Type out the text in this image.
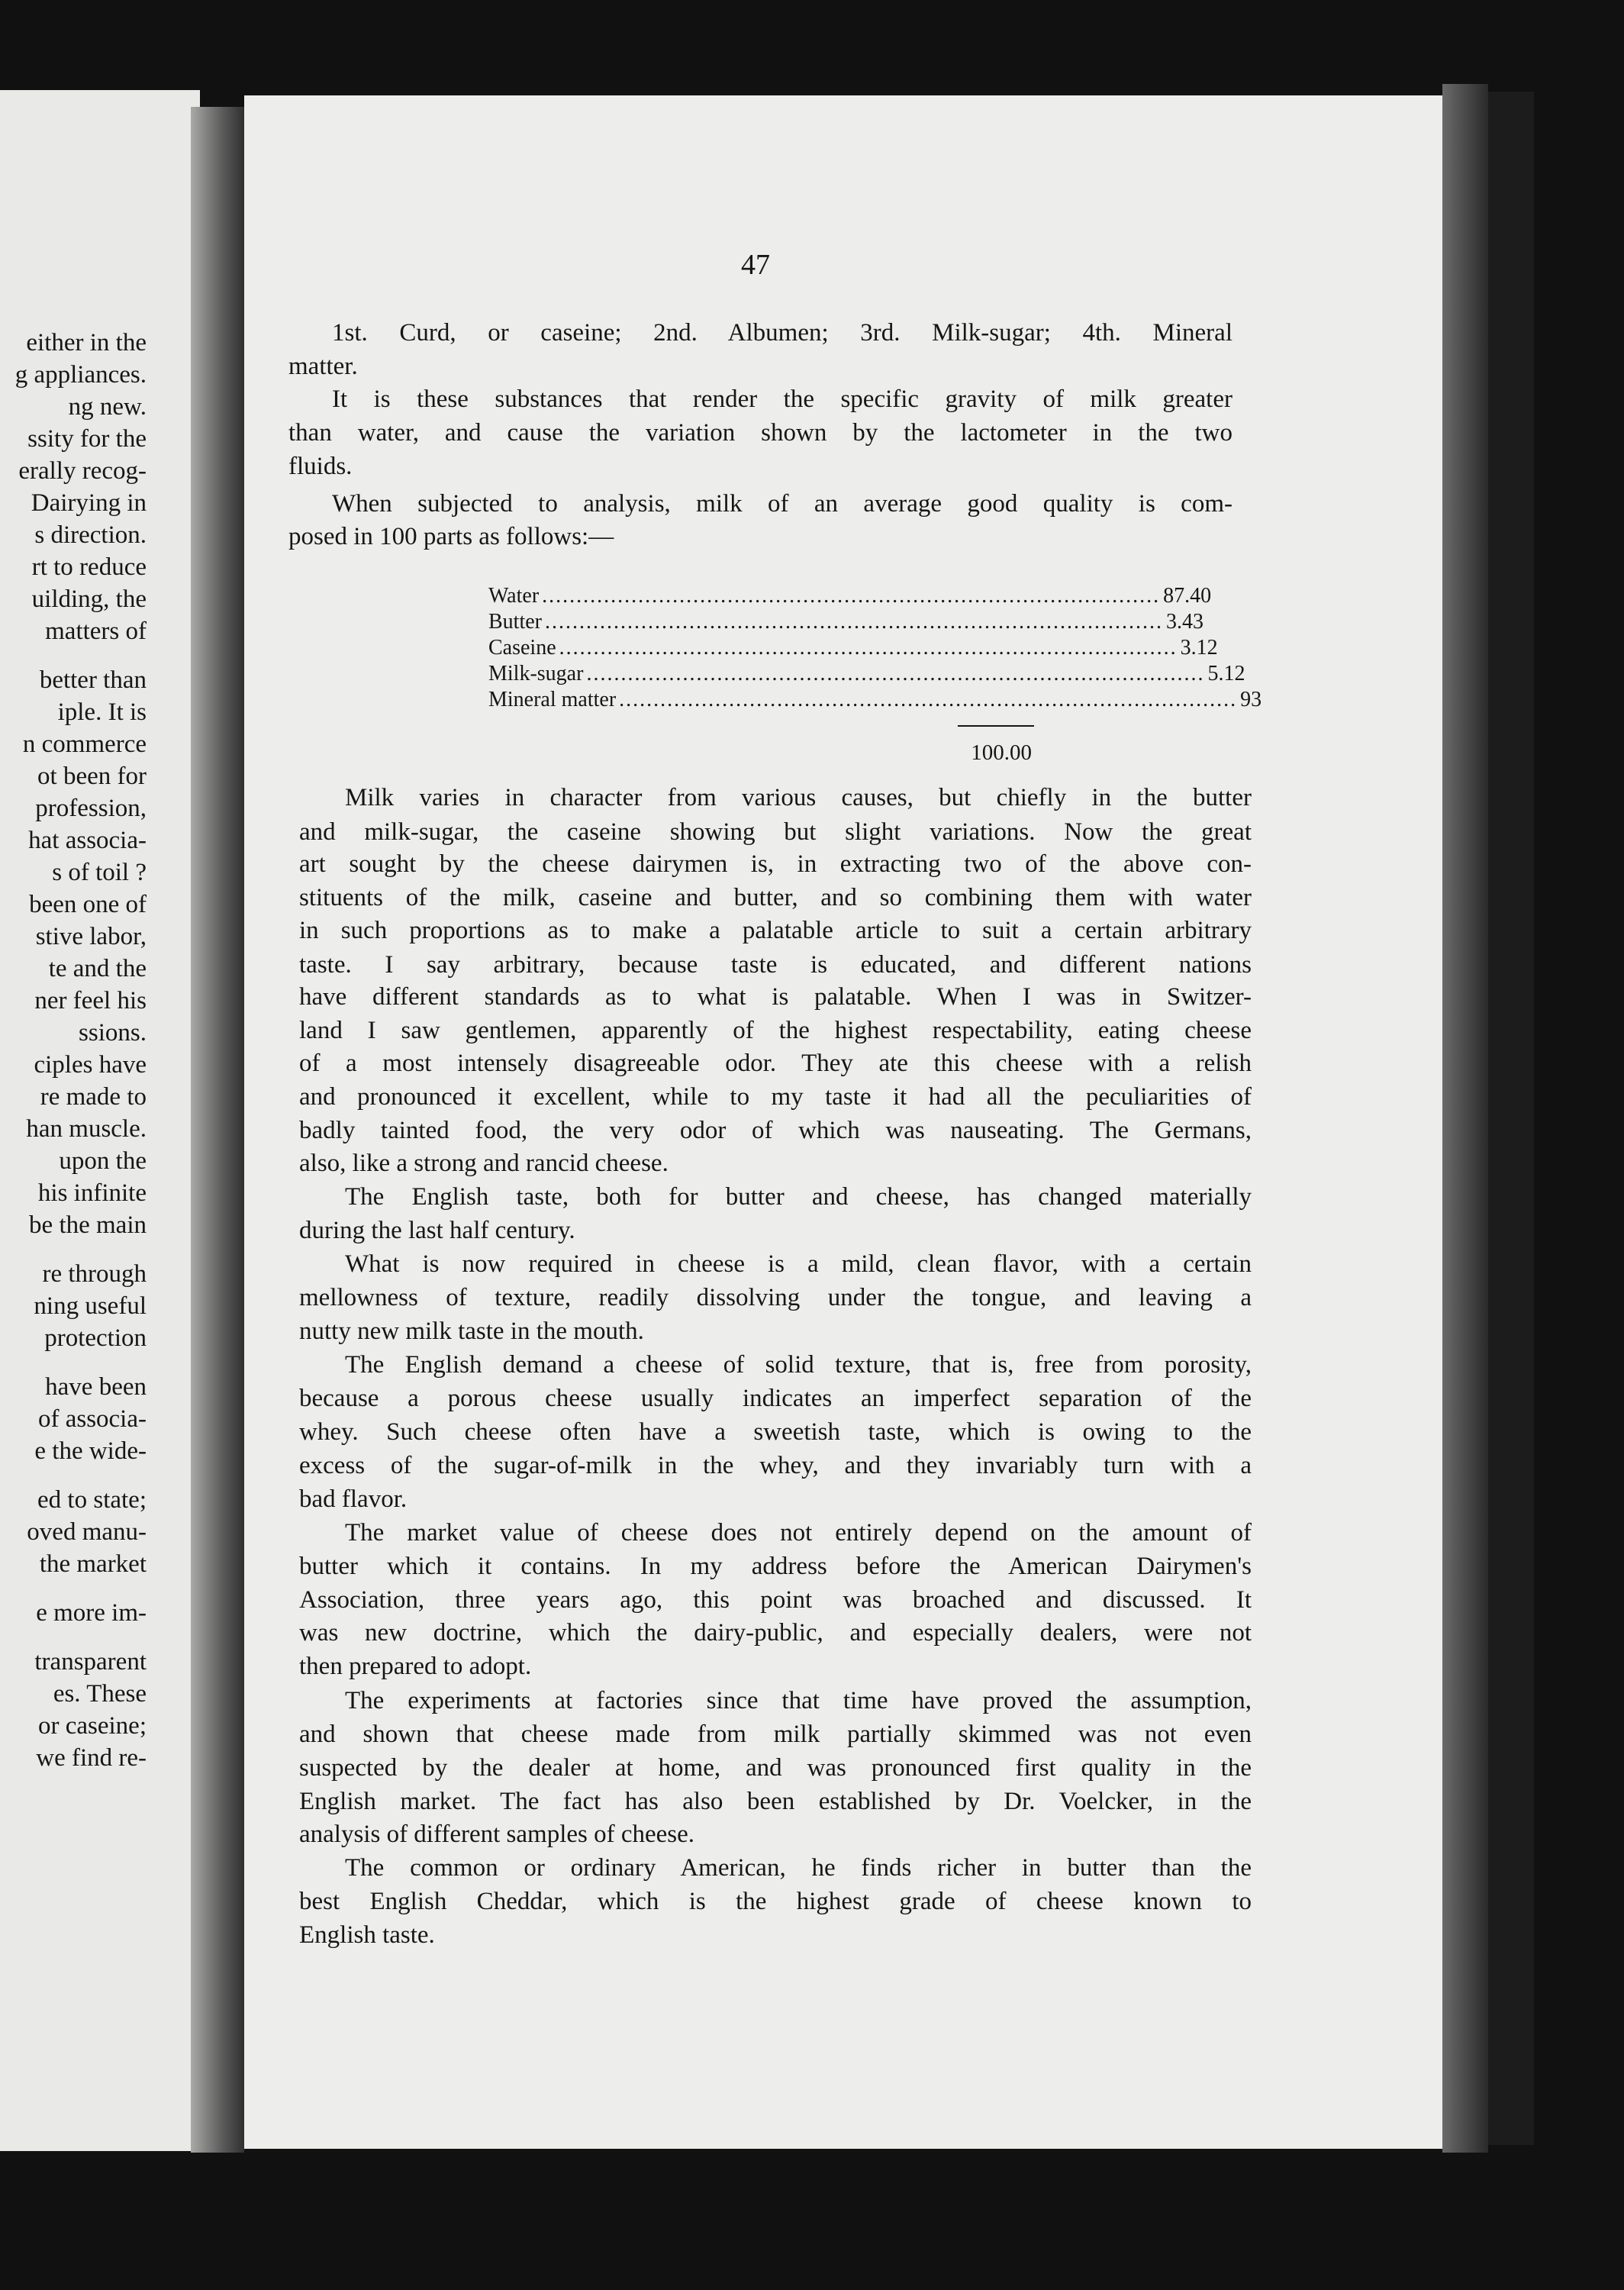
either in the
g appliances.
ng new.
ssity for the
erally recog-
Dairying in
s direction.
rt to reduce
uilding, the
matters of
better than
iple. It is
n commerce
ot been for
profession,
hat associa-
s of toil ?
been one of
stive labor,
te and the
ner feel his
ssions.
ciples have
re made to
han muscle.
upon the
his infinite
be the main
re through
ning useful
protection
have been
of associa-
e the wide-
ed to state;
oved manu-
the market
e more im-
transparent
es. These
or caseine;
we find re-
47
1st. Curd, or caseine; 2nd. Albumen; 3rd. Milk-sugar; 4th. Mineral
matter.
It is these substances that render the specific gravity of milk greater
than water, and cause the variation shown by the lactometer in the two
fluids.
When subjected to analysis, milk of an average good quality is com-
posed in 100 parts as follows:—
Milk varies in character from various causes, but chiefly in the butter
and milk-sugar, the caseine showing but slight variations. Now the great
art sought by the cheese dairymen is, in extracting two of the above con-
stituents of the milk, caseine and butter, and so combining them with water
in such proportions as to make a palatable article to suit a certain arbitrary
taste. I say arbitrary, because taste is educated, and different nations
have different standards as to what is palatable. When I was in Switzer-
land I saw gentlemen, apparently of the highest respectability, eating cheese
of a most intensely disagreeable odor. They ate this cheese with a relish
and pronounced it excellent, while to my taste it had all the peculiarities of
badly tainted food, the very odor of which was nauseating. The Germans,
also, like a strong and rancid cheese.
The English taste, both for butter and cheese, has changed materially
during the last half century.
What is now required in cheese is a mild, clean flavor, with a certain
mellowness of texture, readily dissolving under the tongue, and leaving a
nutty new milk taste in the mouth.
The English demand a cheese of solid texture, that is, free from porosity,
because a porous cheese usually indicates an imperfect separation of the
whey. Such cheese often have a sweetish taste, which is owing to the
excess of the sugar-of-milk in the whey, and they invariably turn with a
bad flavor.
The market value of cheese does not entirely depend on the amount of
butter which it contains. In my address before the American Dairymen's
Association, three years ago, this point was broached and discussed. It
was new doctrine, which the dairy-public, and especially dealers, were not
then prepared to adopt.
The experiments at factories since that time have proved the assumption,
and shown that cheese made from milk partially skimmed was not even
suspected by the dealer at home, and was pronounced first quality in the
English market. The fact has also been established by Dr. Voelcker, in the
analysis of different samples of cheese.
The common or ordinary American, he finds richer in butter than the
best English Cheddar, which is the highest grade of cheese known to
English taste.
Water .......................................................................................... 87.40
Butter .......................................................................................... 3.43
Caseine .......................................................................................... 3.12
Milk-sugar .......................................................................................... 5.12
Mineral matter .......................................................................................... 93
100.00
